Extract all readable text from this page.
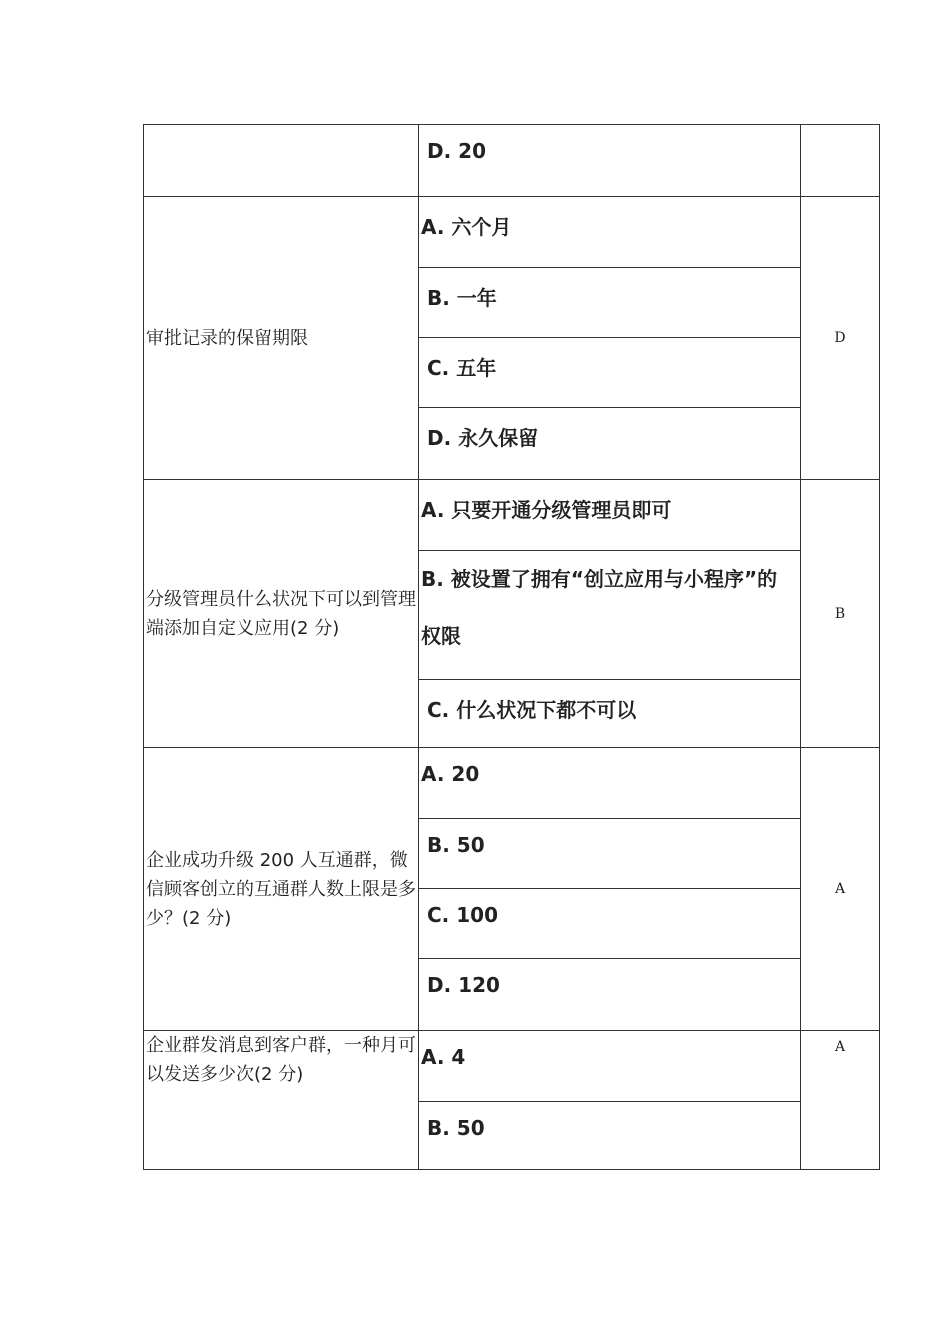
D. 20
审批记录的保留期限
A. 六个月
B. 一年
C. 五年
D. 永久保留
D
分级管理员什么状况下可以到管理端添加自定义应用(2 分)
A. 只要开通分级管理员即可
B. 被设置了拥有“创立应用与小程序”的权限
C. 什么状况下都不可以
B
企业成功升级 200 人互通群，微信顾客创立的互通群人数上限是多少？(2 分)
A. 20
B. 50
C. 100
D. 120
A
企业群发消息到客户群，一种月可以发送多少次(2 分)
A. 4
B. 50
A
